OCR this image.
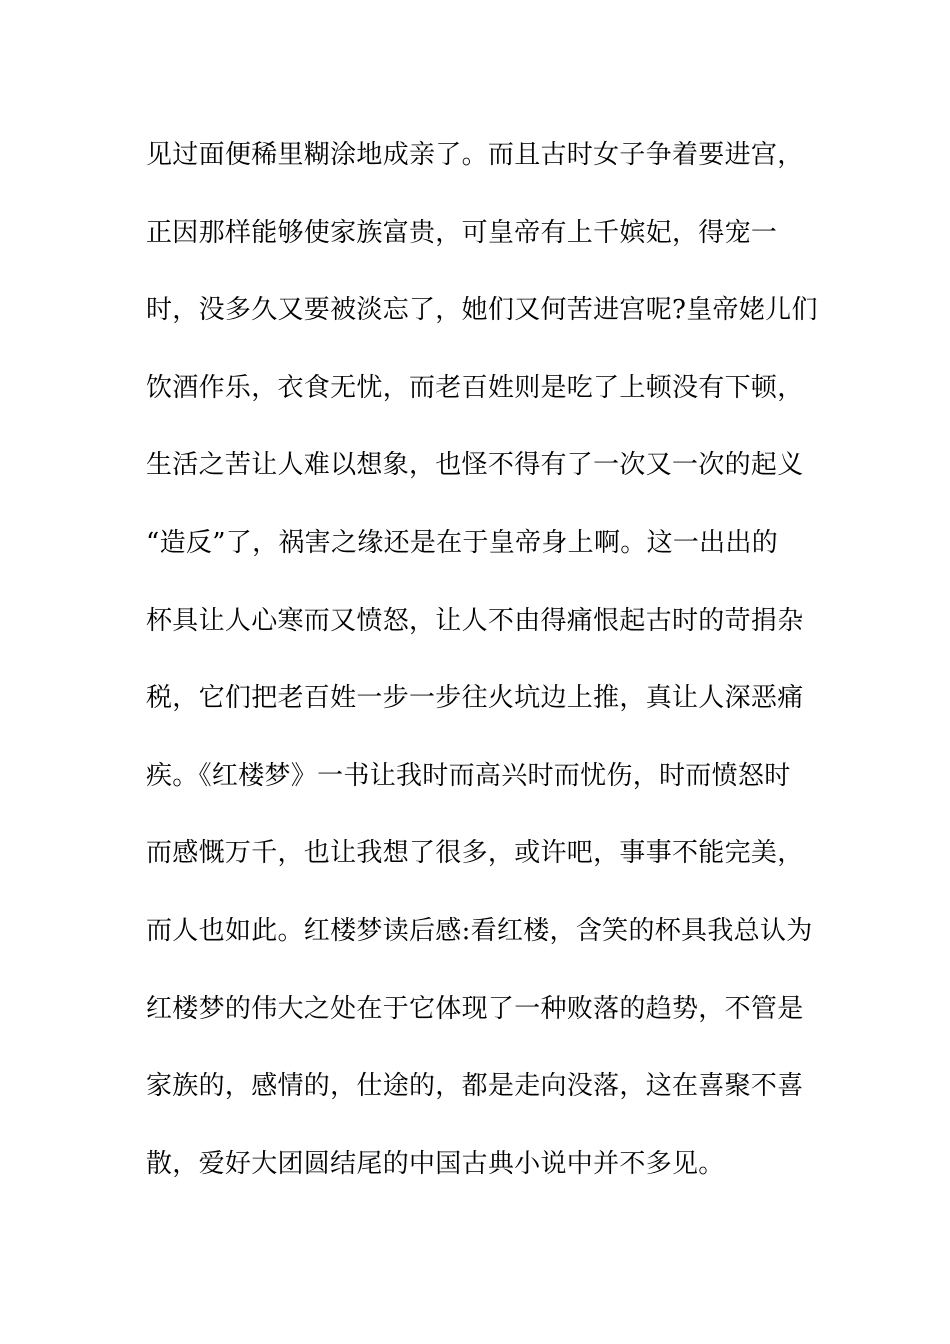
见过面便稀里糊涂地成亲了。而且古时女子争着要进宫，
正因那样能够使家族富贵，可皇帝有上千嫔妃，得宠一
时，没多久又要被淡忘了，她们又何苦进宫呢?皇帝姥儿们
饮酒作乐，衣食无忧，而老百姓则是吃了上顿没有下顿，
生活之苦让人难以想象，也怪不得有了一次又一次的起义
“造反”了，祸害之缘还是在于皇帝身上啊。这一出出的
杯具让人心寒而又愤怒，让人不由得痛恨起古时的苛捐杂
税，它们把老百姓一步一步往火坑边上推，真让人深恶痛
疾。《红楼梦》一书让我时而高兴时而忧伤，时而愤怒时
而感慨万千，也让我想了很多，或许吧，事事不能完美，
而人也如此。红楼梦读后感:看红楼，含笑的杯具我总认为
红楼梦的伟大之处在于它体现了一种败落的趋势，不管是
家族的，感情的，仕途的，都是走向没落，这在喜聚不喜
散，爱好大团圆结尾的中国古典小说中并不多见。
